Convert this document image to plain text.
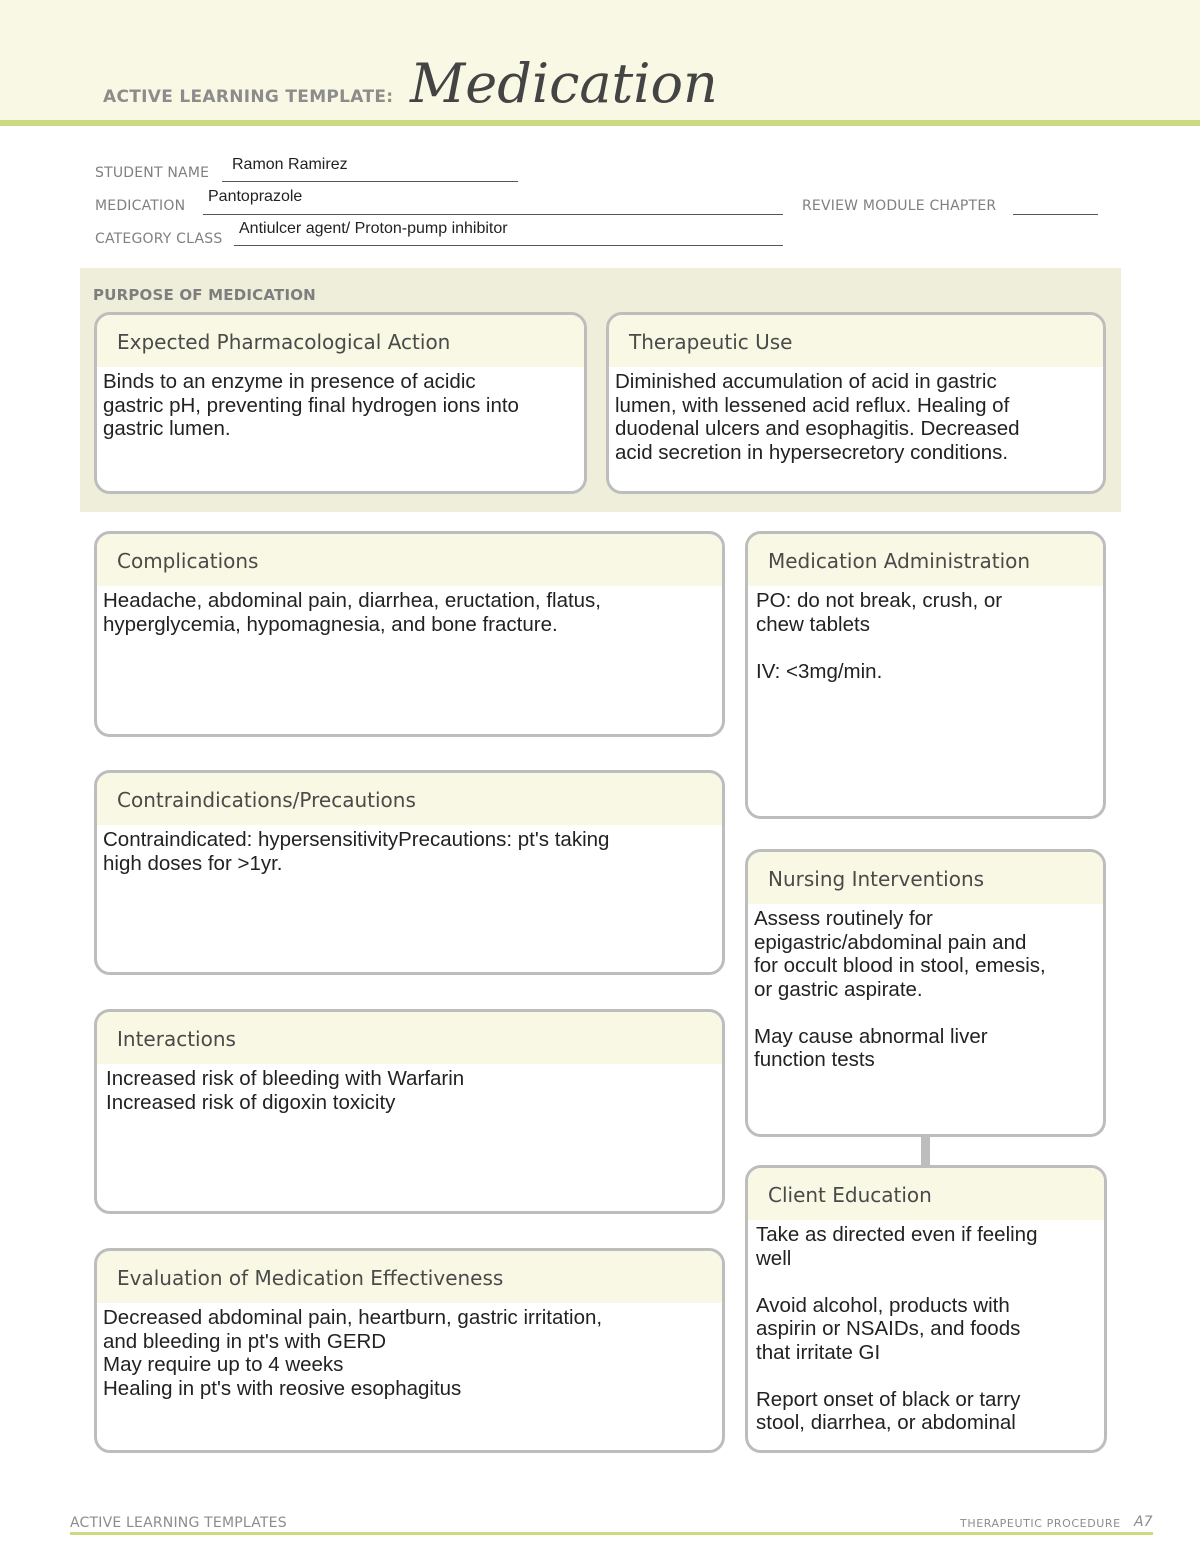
ACTIVE LEARNING TEMPLATE: Medication
STUDENT NAME Ramon Ramirez
MEDICATION
Pantoprazole
REVIEW MODULE CHAPTER
CATEGORY CLASS
Antiulcer agent/ Proton-pump inhibitor
PURPOSE OF MEDICATION
Expected Pharmacological Action
Binds to an enzyme in presence of acidic
gastric pH, preventing final hydrogen ions into
gastric lumen.
Therapeutic Use
Diminished accumulation of acid in gastric
lumen, with lessened acid reflux. Healing of
duodenal ulcers and esophagitis. Decreased
acid secretion in hypersecretory conditions.
Complications
Headache, abdominal pain, diarrhea, eructation, flatus,
hyperglycemia, hypomagnesia, and bone fracture.
Contraindications/Precautions
Contraindicated: hypersensitivityPrecautions: pt's taking
high doses for >1yr.
Interactions
Increased risk of bleeding with Warfarin
Increased risk of digoxin toxicity
Evaluation of Medication Effectiveness
Decreased abdominal pain, heartburn, gastric irritation,
and bleeding in pt's with GERD
May require up to 4 weeks
Healing in pt's with reosive esophagitus
Medication Administration
PO: do not break, crush, or
chew tablets

IV: <3mg/min.
Nursing Interventions
Assess routinely for
epigastric/abdominal pain and
for occult blood in stool, emesis,
or gastric aspirate.

May cause abnormal liver
function tests
Client Education
Take as directed even if feeling
well

Avoid alcohol, products with
aspirin or NSAIDs, and foods
that irritate GI

Report onset of black or tarry
stool, diarrhea, or abdominal
ACTIVE LEARNING TEMPLATES	THERAPEUTIC PROCEDURE A7
